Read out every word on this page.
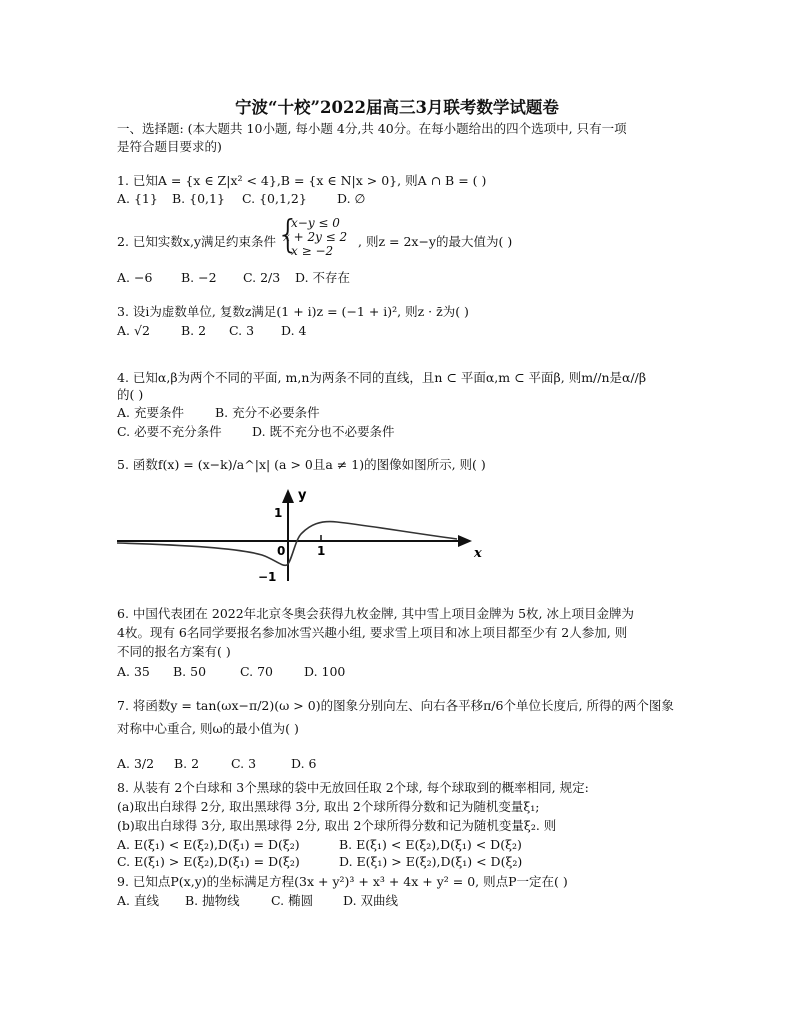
宁波“十校”2022届高三3月联考数学试题卷
一、选择题: (本大题共 10小题, 每小题 4分,共 40分。在每小题给出的四个选项中, 只有一项
是符合题目要求的)
1. 已知A = {x ∈ Z|x² < 4},B = {x ∈ N|x > 0}, 则A ∩ B = ( )
A. {1} B. {0,1} C. {0,1,2} D. ∅
2. 已知实数x,y满足约束条件 {
x−y ≤ 0
x + 2y ≤ 2
x ≥ −2
, 则z = 2x−y的最大值为( )
A. −6 B. −2 C. 2/3 D. 不存在
3. 设i为虚数单位, 复数z满足(1 + i)z = (−1 + i)², 则z · z̄为( )
A. √2 B. 2 C. 3 D. 4
4. 已知α,β为两个不同的平面, m,n为两条不同的直线，且n ⊂ 平面α,m ⊂ 平面β, 则m//n是α//β
的( )
A. 充要条件 B. 充分不必要条件
C. 必要不充分条件 D. 既不充分也不必要条件
5. 函数f(x) = (x−k)/a^|x| (a > 0且a ≠ 1)的图像如图所示, 则( )
y
x
1
−1
0	1
6. 中国代表团在 2022年北京冬奥会获得九枚金牌, 其中雪上项目金牌为 5枚, 冰上项目金牌为
4枚。现有 6名同学要报名参加冰雪兴趣小组, 要求雪上项目和冰上项目都至少有 2人参加, 则
不同的报名方案有( )
A. 35 B. 50	C. 70 D. 100
7. 将函数y = tan(ωx−π/2)(ω > 0)的图象分别向左、向右各平移π/6个单位长度后, 所得的两个图象
对称中心重合, 则ω的最小值为( )
A. 3/2 B. 2	C. 3	D. 6
8. 从装有 2个白球和 3个黑球的袋中无放回任取 2个球, 每个球取到的概率相同, 规定:
(a)取出白球得 2分, 取出黑球得 3分, 取出 2个球所得分数和记为随机变量ξ₁;
(b)取出白球得 3分, 取出黑球得 2分, 取出 2个球所得分数和记为随机变量ξ₂. 则
A. E(ξ₁) < E(ξ₂),D(ξ₁) = D(ξ₂)	B. E(ξ₁) < E(ξ₂),D(ξ₁) < D(ξ₂)
C. E(ξ₁) > E(ξ₂),D(ξ₁) = D(ξ₂)	D. E(ξ₁) > E(ξ₂),D(ξ₁) < D(ξ₂)
9. 已知点P(x,y)的坐标满足方程(3x + y²)³ + x³ + 4x + y² = 0, 则点P一定在( )
A. 直线 B. 抛物线	C. 椭圆 D. 双曲线
